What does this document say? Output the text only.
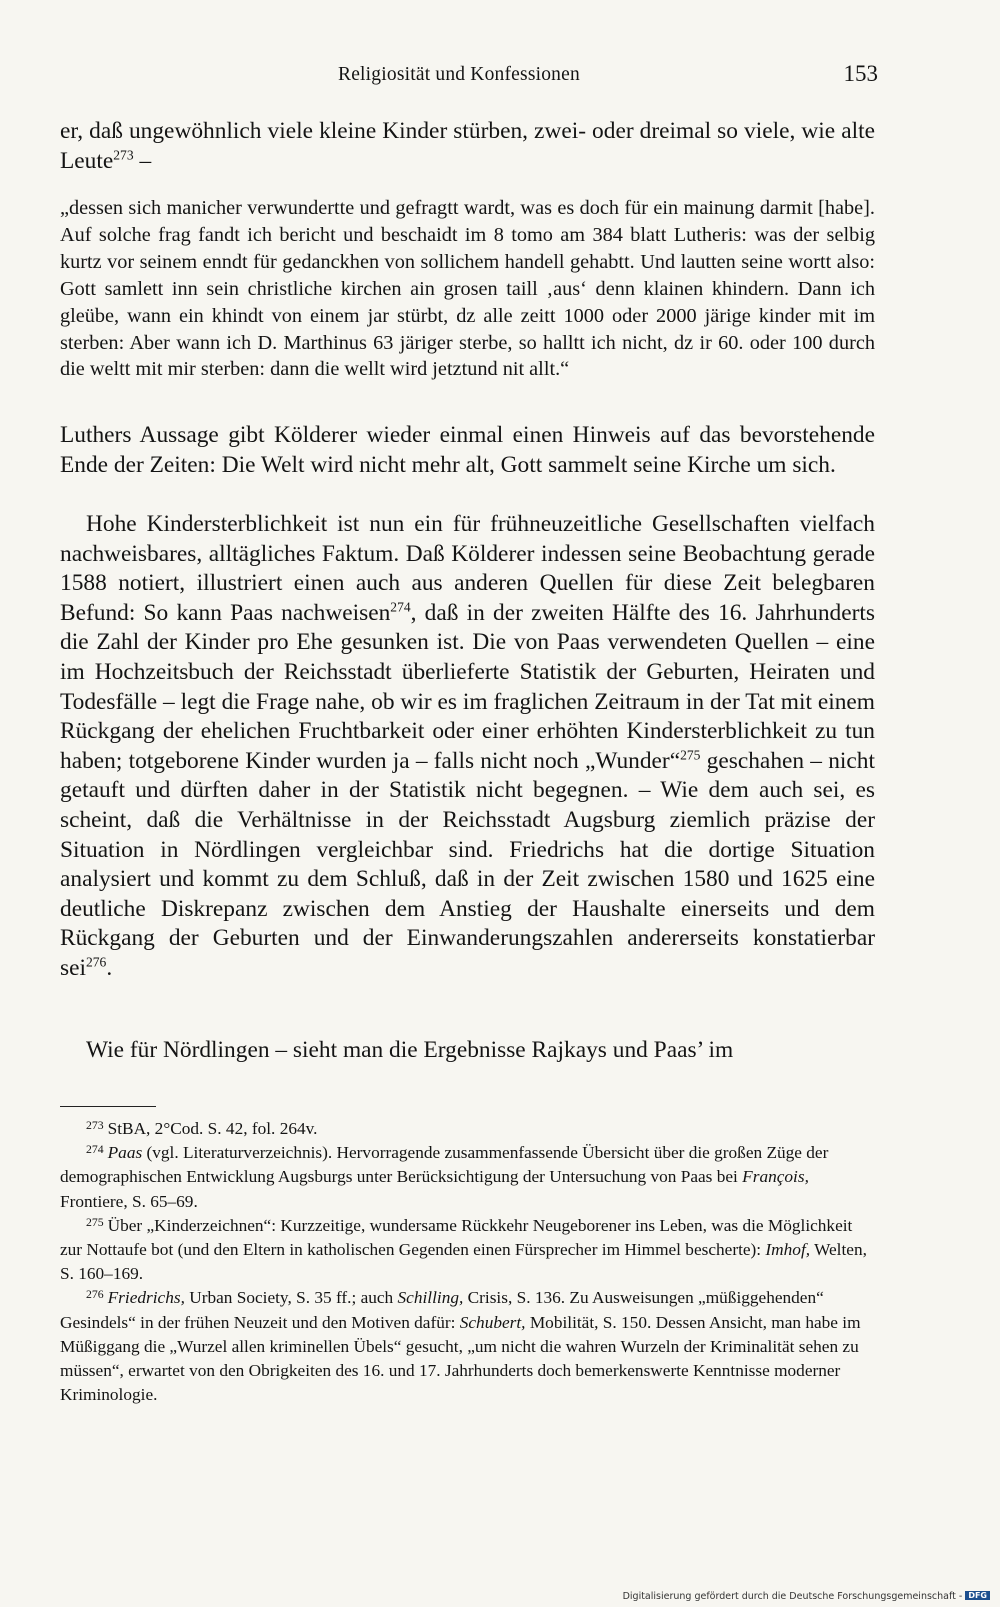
Religiosität und Konfessionen	153

er, daß ungewöhnlich viele kleine Kinder stürben, zwei- oder dreimal so viele, wie alte Leute$^{273}$ –

„dessen sich manicher verwundertte und gefragtt wardt, was es doch für ein mainung darmit [habe]. Auf solche frag fandt ich bericht und beschaidt im 8 tomo am 384 blatt Lutheris: was der selbig kurtz vor seinem enndt für gedanckhen von sollichem handell gehabtt. Und lautten seine wortt also: Gott samlett inn sein christliche kirchen ain grosen taill ‚aus‘ denn klainen khindern. Dann ich gleübe, wann ein khindt von einem jar stürbt, dz alle zeitt 1000 oder 2000 järige kinder mit im sterben: Aber wann ich D. Marthinus 63 järiger sterbe, so halltt ich nicht, dz ir 60. oder 100 durch die weltt mit mir sterben: dann die wellt wird jetztund nit allt.“

Luthers Aussage gibt Kölderer wieder einmal einen Hinweis auf das bevorstehende Ende der Zeiten: Die Welt wird nicht mehr alt, Gott sammelt seine Kirche um sich.

Hohe Kindersterblichkeit ist nun ein für frühneuzeitliche Gesellschaften vielfach nachweisbares, alltägliches Faktum. Daß Kölderer indessen seine Beobachtung gerade 1588 notiert, illustriert einen auch aus anderen Quellen für diese Zeit belegbaren Befund: So kann Paas nachweisen$^{274}$, daß in der zweiten Hälfte des 16. Jahrhunderts die Zahl der Kinder pro Ehe gesunken ist. Die von Paas verwendeten Quellen – eine im Hochzeitsbuch der Reichsstadt überlieferte Statistik der Geburten, Heiraten und Todesfälle – legt die Frage nahe, ob wir es im fraglichen Zeitraum in der Tat mit einem Rückgang der ehelichen Fruchtbarkeit oder einer erhöhten Kindersterblichkeit zu tun haben; totgeborene Kinder wurden ja – falls nicht noch „Wunder“$^{275}$ geschahen – nicht getauft und dürften daher in der Statistik nicht begegnen. – Wie dem auch sei, es scheint, daß die Verhältnisse in der Reichsstadt Augsburg ziemlich präzise der Situation in Nördlingen vergleichbar sind. Friedrichs hat die dortige Situation analysiert und kommt zu dem Schluß, daß in der Zeit zwischen 1580 und 1625 eine deutliche Diskrepanz zwischen dem Anstieg der Haushalte einerseits und dem Rückgang der Geburten und der Einwanderungszahlen andererseits konstatierbar sei$^{276}$.

Wie für Nördlingen – sieht man die Ergebnisse Rajkays und Paas’ im

$^{273}$ StBA, 2°Cod. S. 42, fol. 264v.

$^{274}$ Paas (vgl. Literaturverzeichnis). Hervorragende zusammenfassende Übersicht über die großen Züge der demographischen Entwicklung Augsburgs unter Berücksichtigung der Untersuchung von Paas bei François, Frontiere, S. 65–69.

$^{275}$ Über „Kinderzeichnen“: Kurzzeitige, wundersame Rückkehr Neugeborener ins Leben, was die Möglichkeit zur Nottaufe bot (und den Eltern in katholischen Gegenden einen Fürsprecher im Himmel bescherte): Imhof, Welten, S. 160–169.

$^{276}$ Friedrichs, Urban Society, S. 35 ff.; auch Schilling, Crisis, S. 136. Zu Ausweisungen „müßiggehenden“ Gesindels“ in der frühen Neuzeit und den Motiven dafür: Schubert, Mobilität, S. 150. Dessen Ansicht, man habe im Müßiggang die „Wurzel allen kriminellen Übels“ gesucht, „um nicht die wahren Wurzeln der Kriminalität sehen zu müssen“, erwartet von den Obrigkeiten des 16. und 17. Jahrhunderts doch bemerkenswerte Kenntnisse moderner Kriminologie.

Digitalisierung gefördert durch die Deutsche Forschungsgemeinschaft - DFG
